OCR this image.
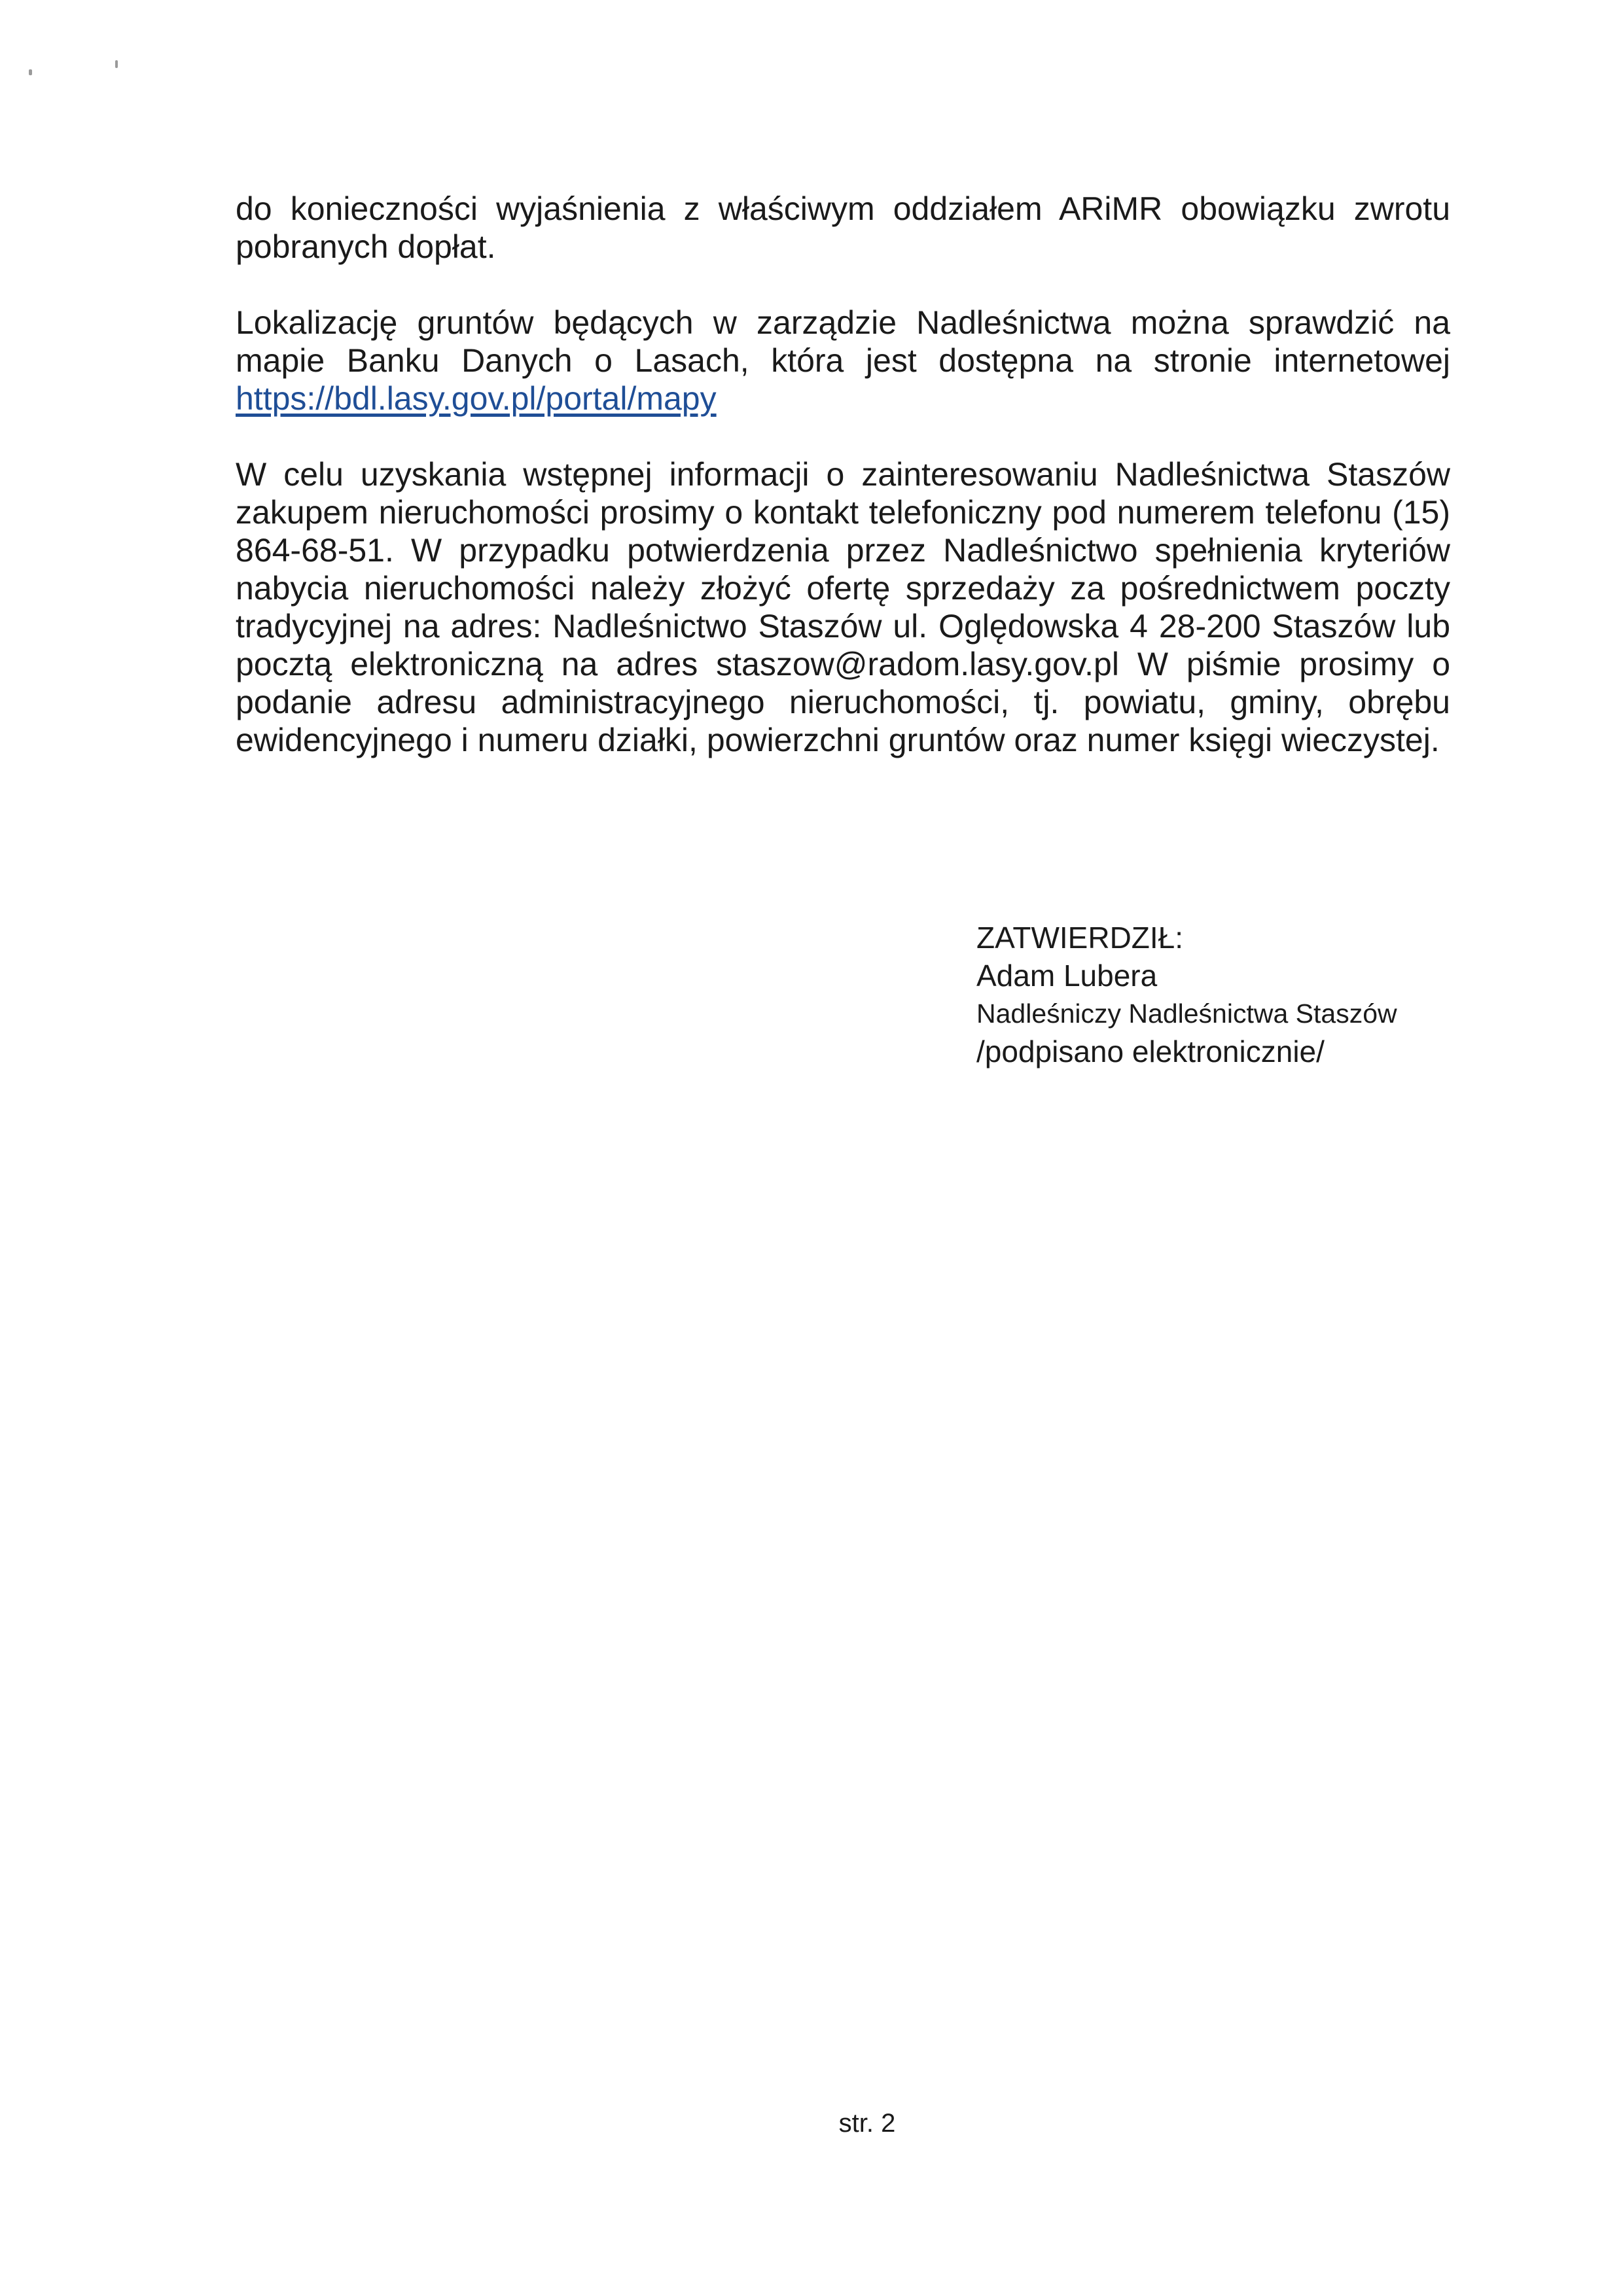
do konieczności wyjaśnienia z właściwym oddziałem ARiMR obowiązku zwrotu pobranych dopłat.

Lokalizację gruntów będących w zarządzie Nadleśnictwa można sprawdzić na mapie Banku Danych o Lasach, która jest dostępna na stronie internetowej https://bdl.lasy.gov.pl/portal/mapy

W celu uzyskania wstępnej informacji o zainteresowaniu Nadleśnictwa Staszów zakupem nieruchomości prosimy o kontakt telefoniczny pod numerem telefonu (15) 864-68-51. W przypadku potwierdzenia przez Nadleśnictwo spełnienia kryteriów nabycia nieruchomości należy złożyć ofertę sprzedaży za pośrednictwem poczty tradycyjnej na adres: Nadleśnictwo Staszów ul. Oględowska 4 28-200 Staszów lub pocztą elektroniczną na adres staszow@radom.lasy.gov.pl W piśmie prosimy o podanie adresu administracyjnego nieruchomości, tj. powiatu, gminy, obrębu ewidencyjnego i numeru działki, powierzchni gruntów oraz numer księgi wieczystej.

ZATWIERDZIŁ:
Adam Lubera
Nadleśniczy Nadleśnictwa Staszów
/podpisano elektronicznie/
str. 2
